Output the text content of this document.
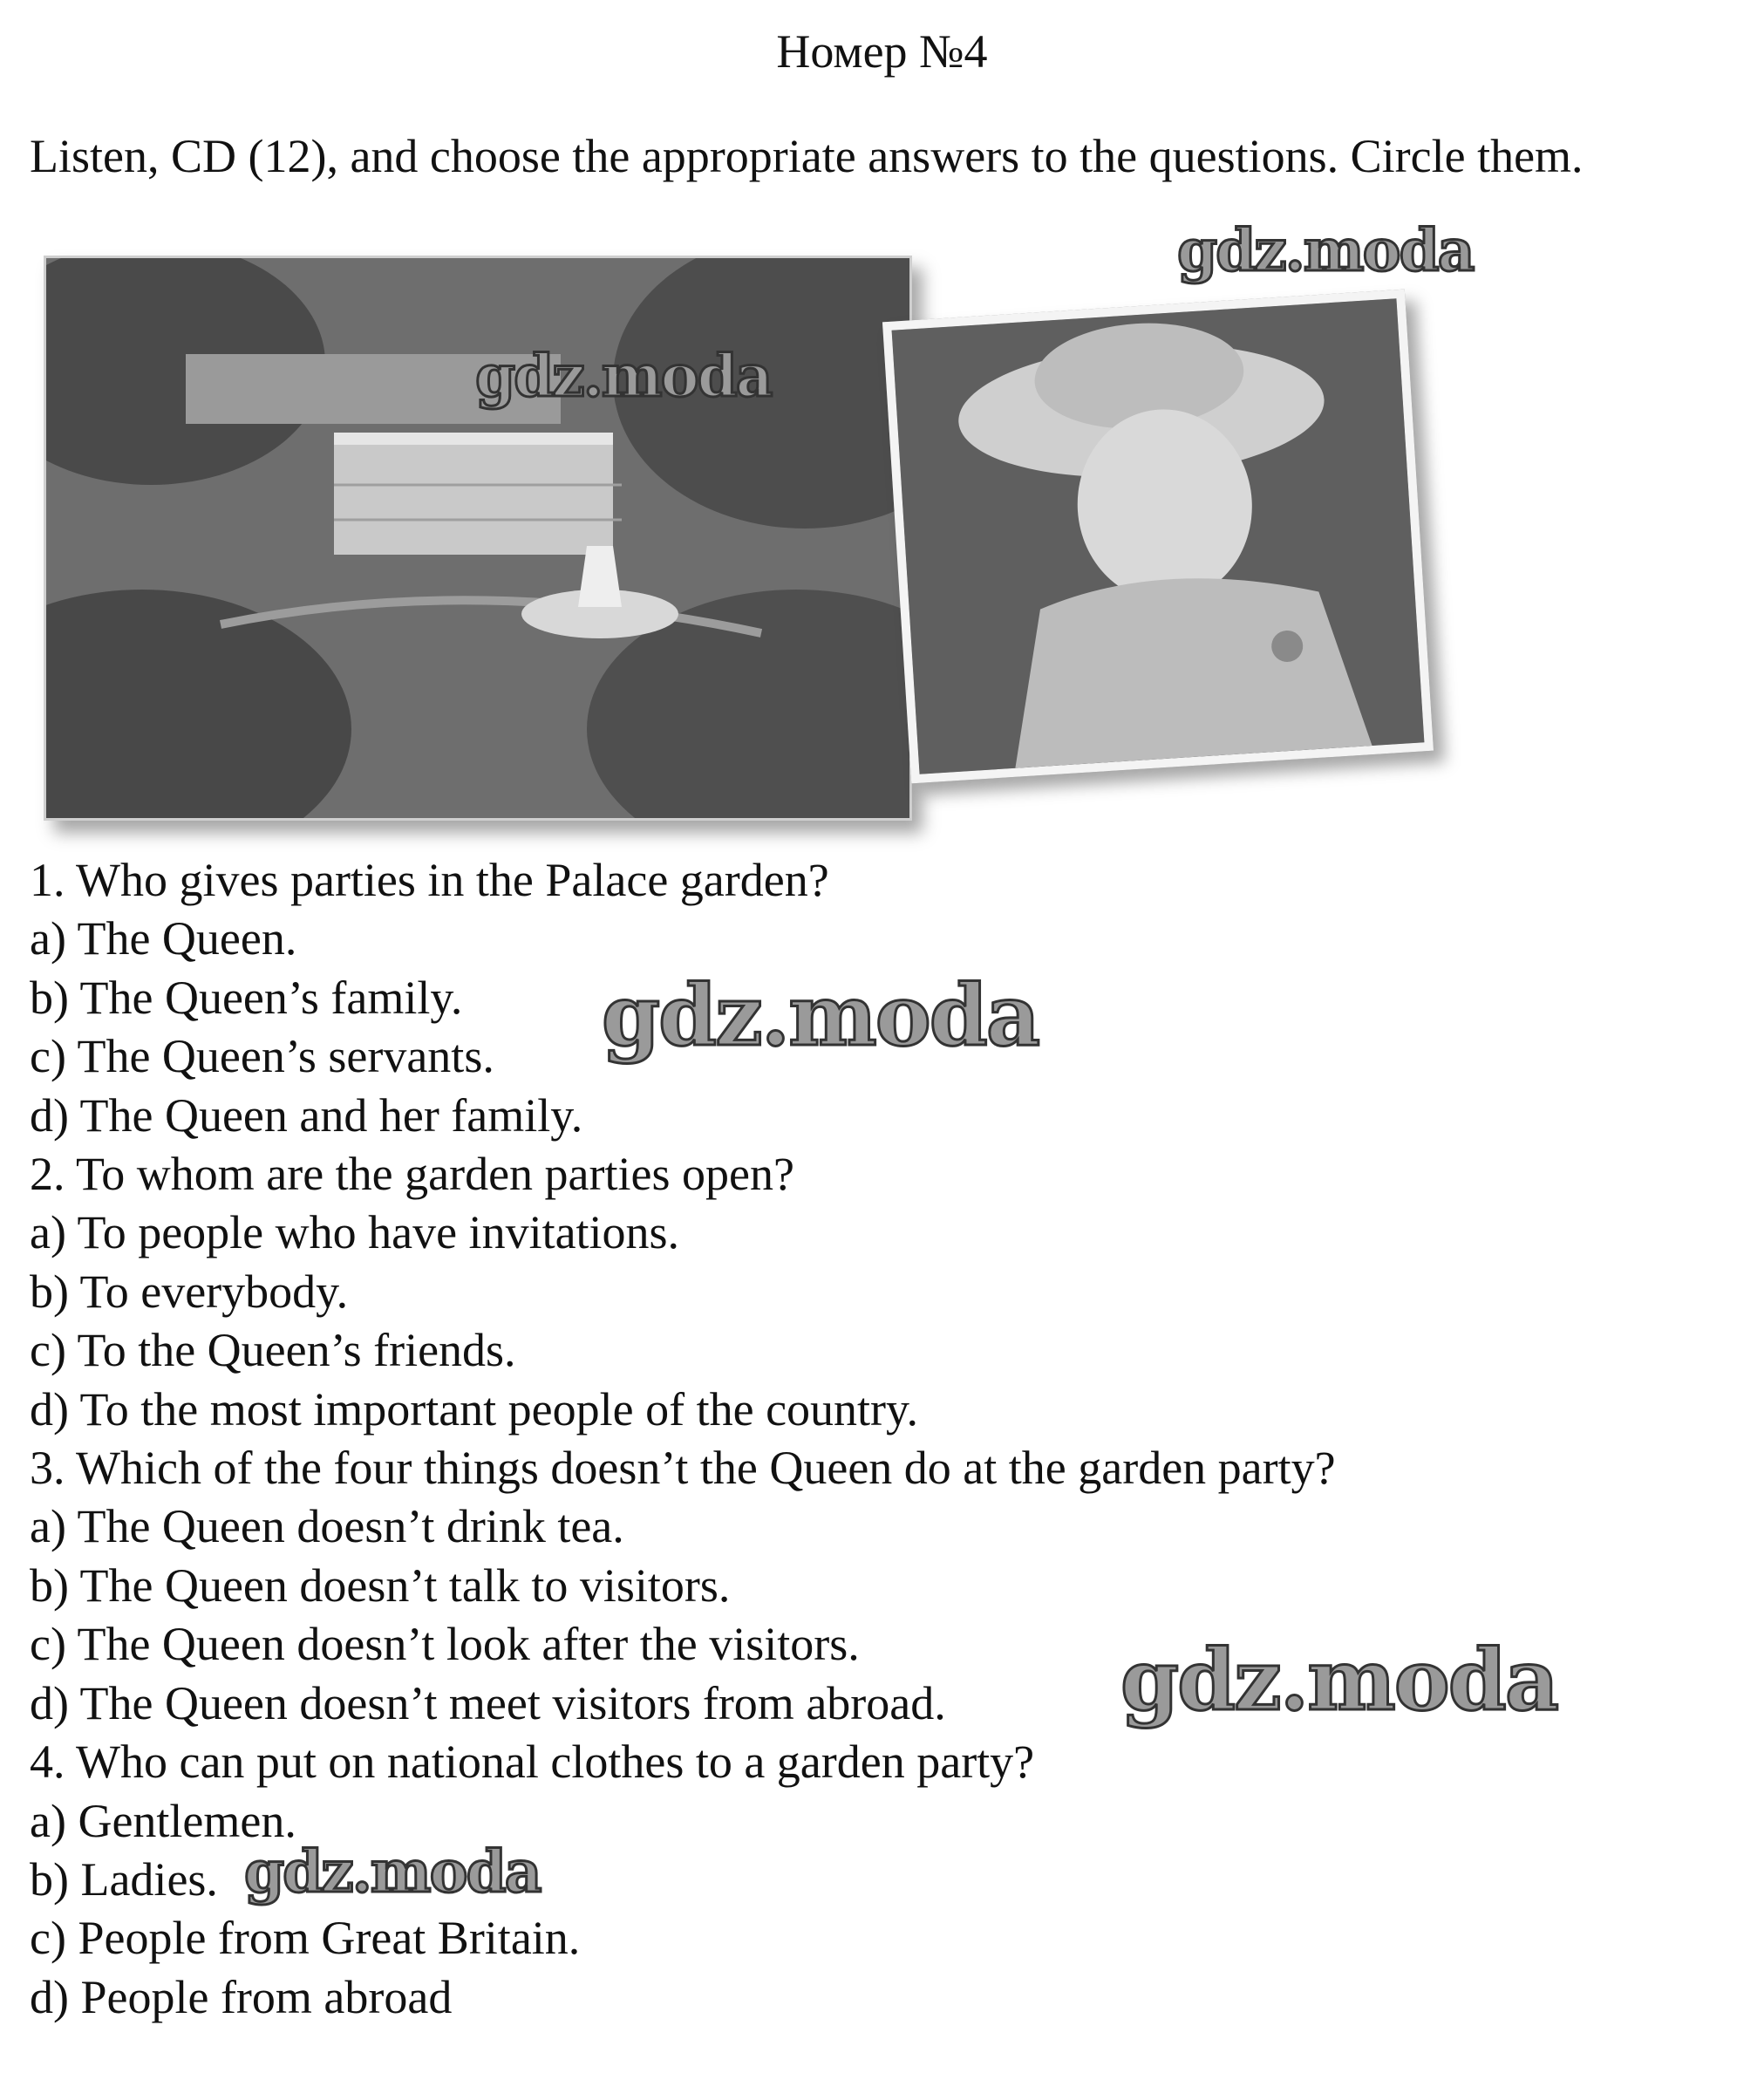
Номер №4
Listen, CD (12), and choose the appropriate answers to the questions. Circle them.
1. Who gives parties in the Palace garden?
a) The Queen.
b) The Queen’s family.
c) The Queen’s servants.
d) The Queen and her family.
2. To whom are the garden parties open?
a) To people who have invitations.
b) To everybody.
c) To the Queen’s friends.
d) To the most important people of the country.
3. Which of the four things doesn’t the Queen do at the garden party?
a) The Queen doesn’t drink tea.
b) The Queen doesn’t talk to visitors.
c) The Queen doesn’t look after the visitors.
d) The Queen doesn’t meet visitors from abroad.
4. Who can put on national clothes to a garden party?
a) Gentlemen.
b) Ladies.
c) People from Great Britain.
d) People from abroad
gdz.moda
gdz.moda
gdz.moda
gdz.moda
gdz.moda
